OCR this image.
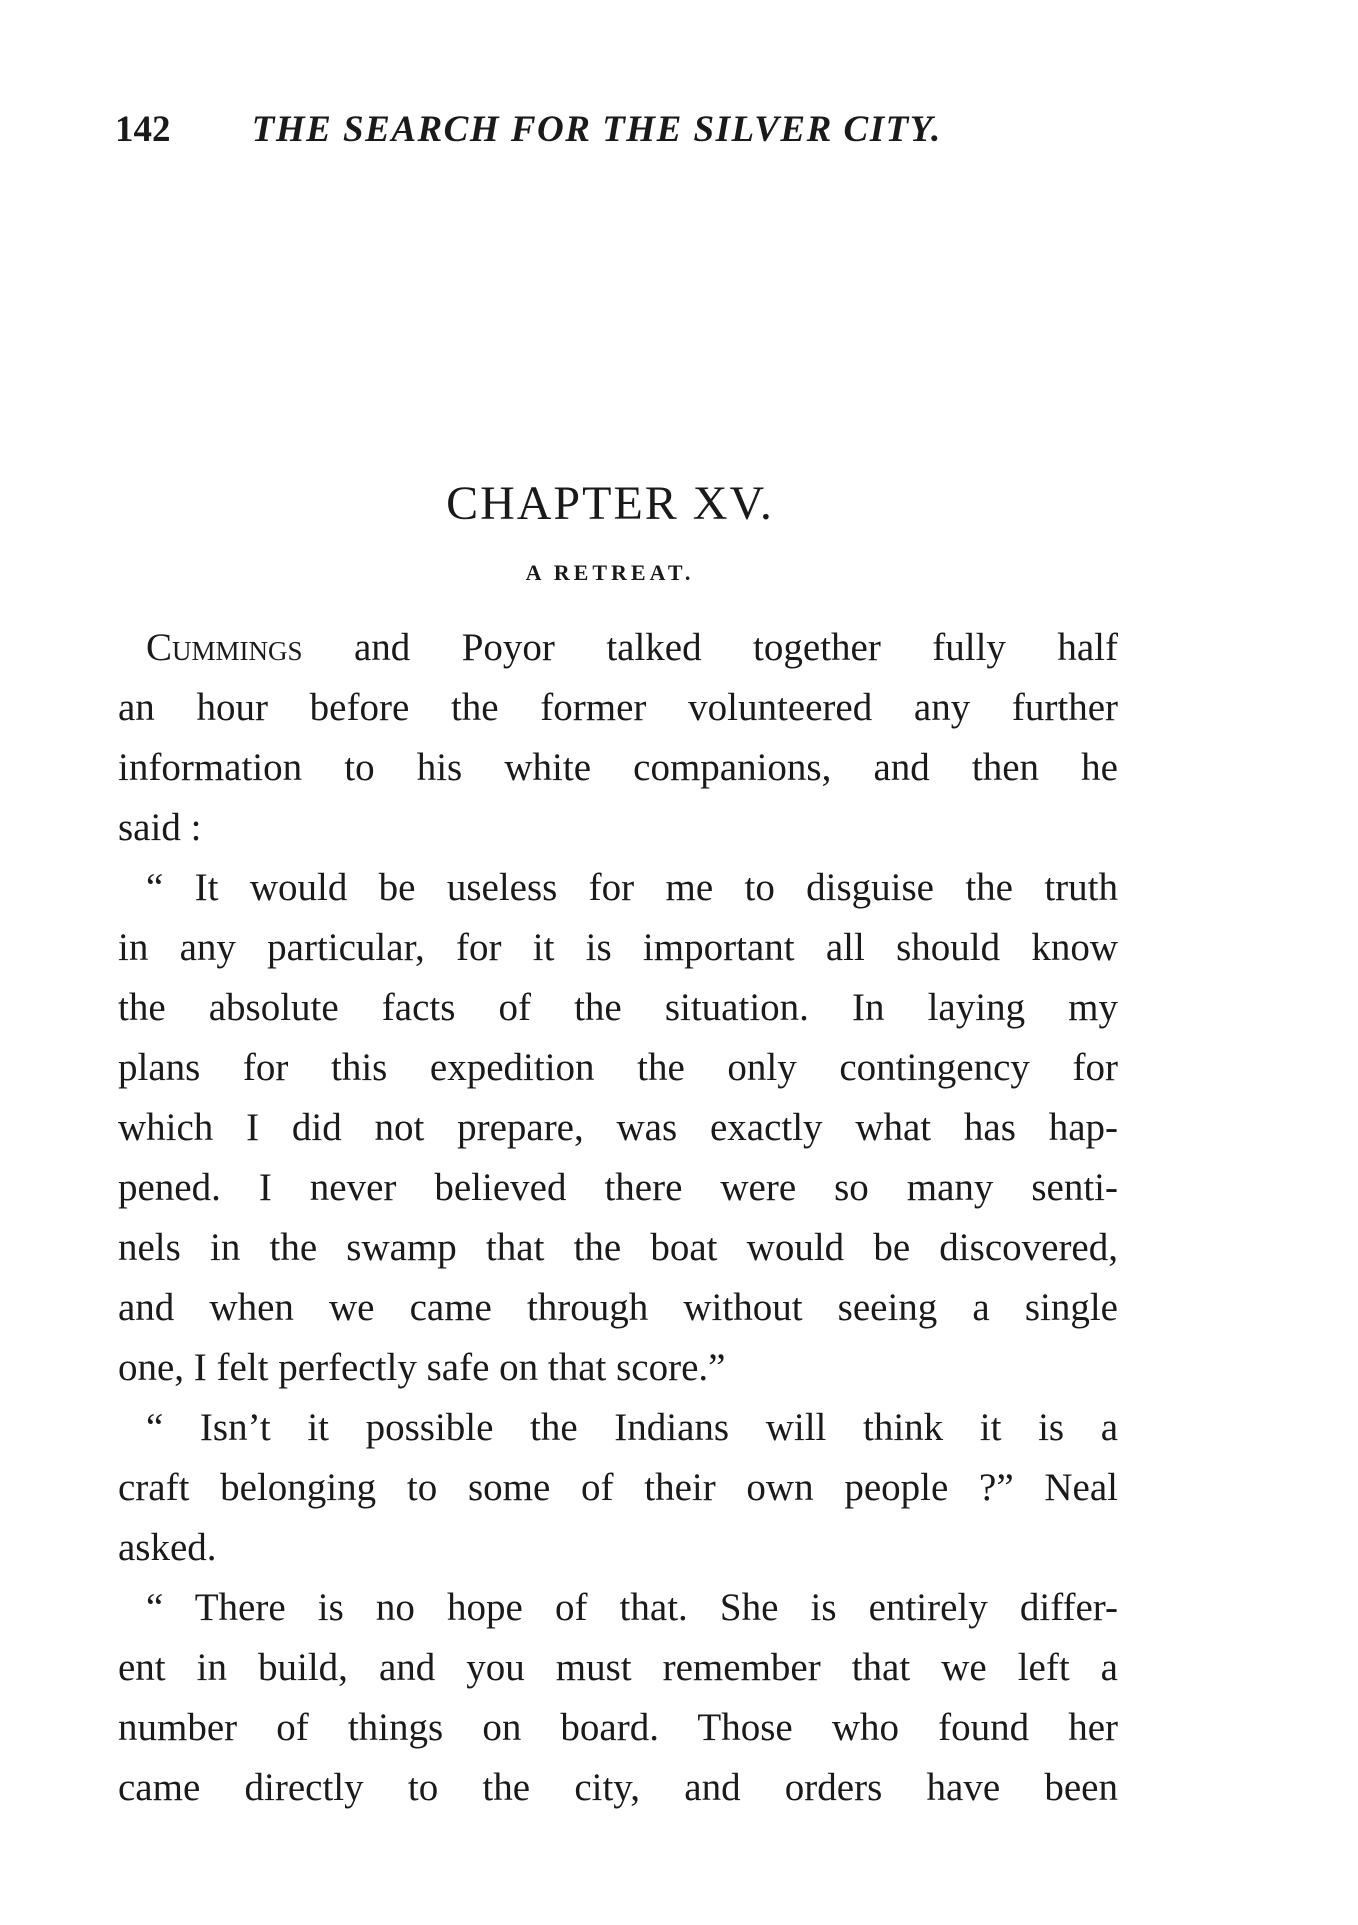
142 THE SEARCH FOR THE SILVER CITY.
CHAPTER XV.
A RETREAT.
Cummings and Poyor talked together fully half
an hour before the former volunteered any further
information to his white companions, and then he
said :
“ It would be useless for me to disguise the truth
in any particular, for it is important all should know
the absolute facts of the situation. In laying my
plans for this expedition the only contingency for
which I did not prepare, was exactly what has hap-
pened. I never believed there were so many senti-
nels in the swamp that the boat would be discovered,
and when we came through without seeing a single
one, I felt perfectly safe on that score.”
“ Isn’t it possible the Indians will think it is a
craft belonging to some of their own people ?” Neal
asked.
“ There is no hope of that. She is entirely differ-
ent in build, and you must remember that we left a
number of things on board. Those who found her
came directly to the city, and orders have been
